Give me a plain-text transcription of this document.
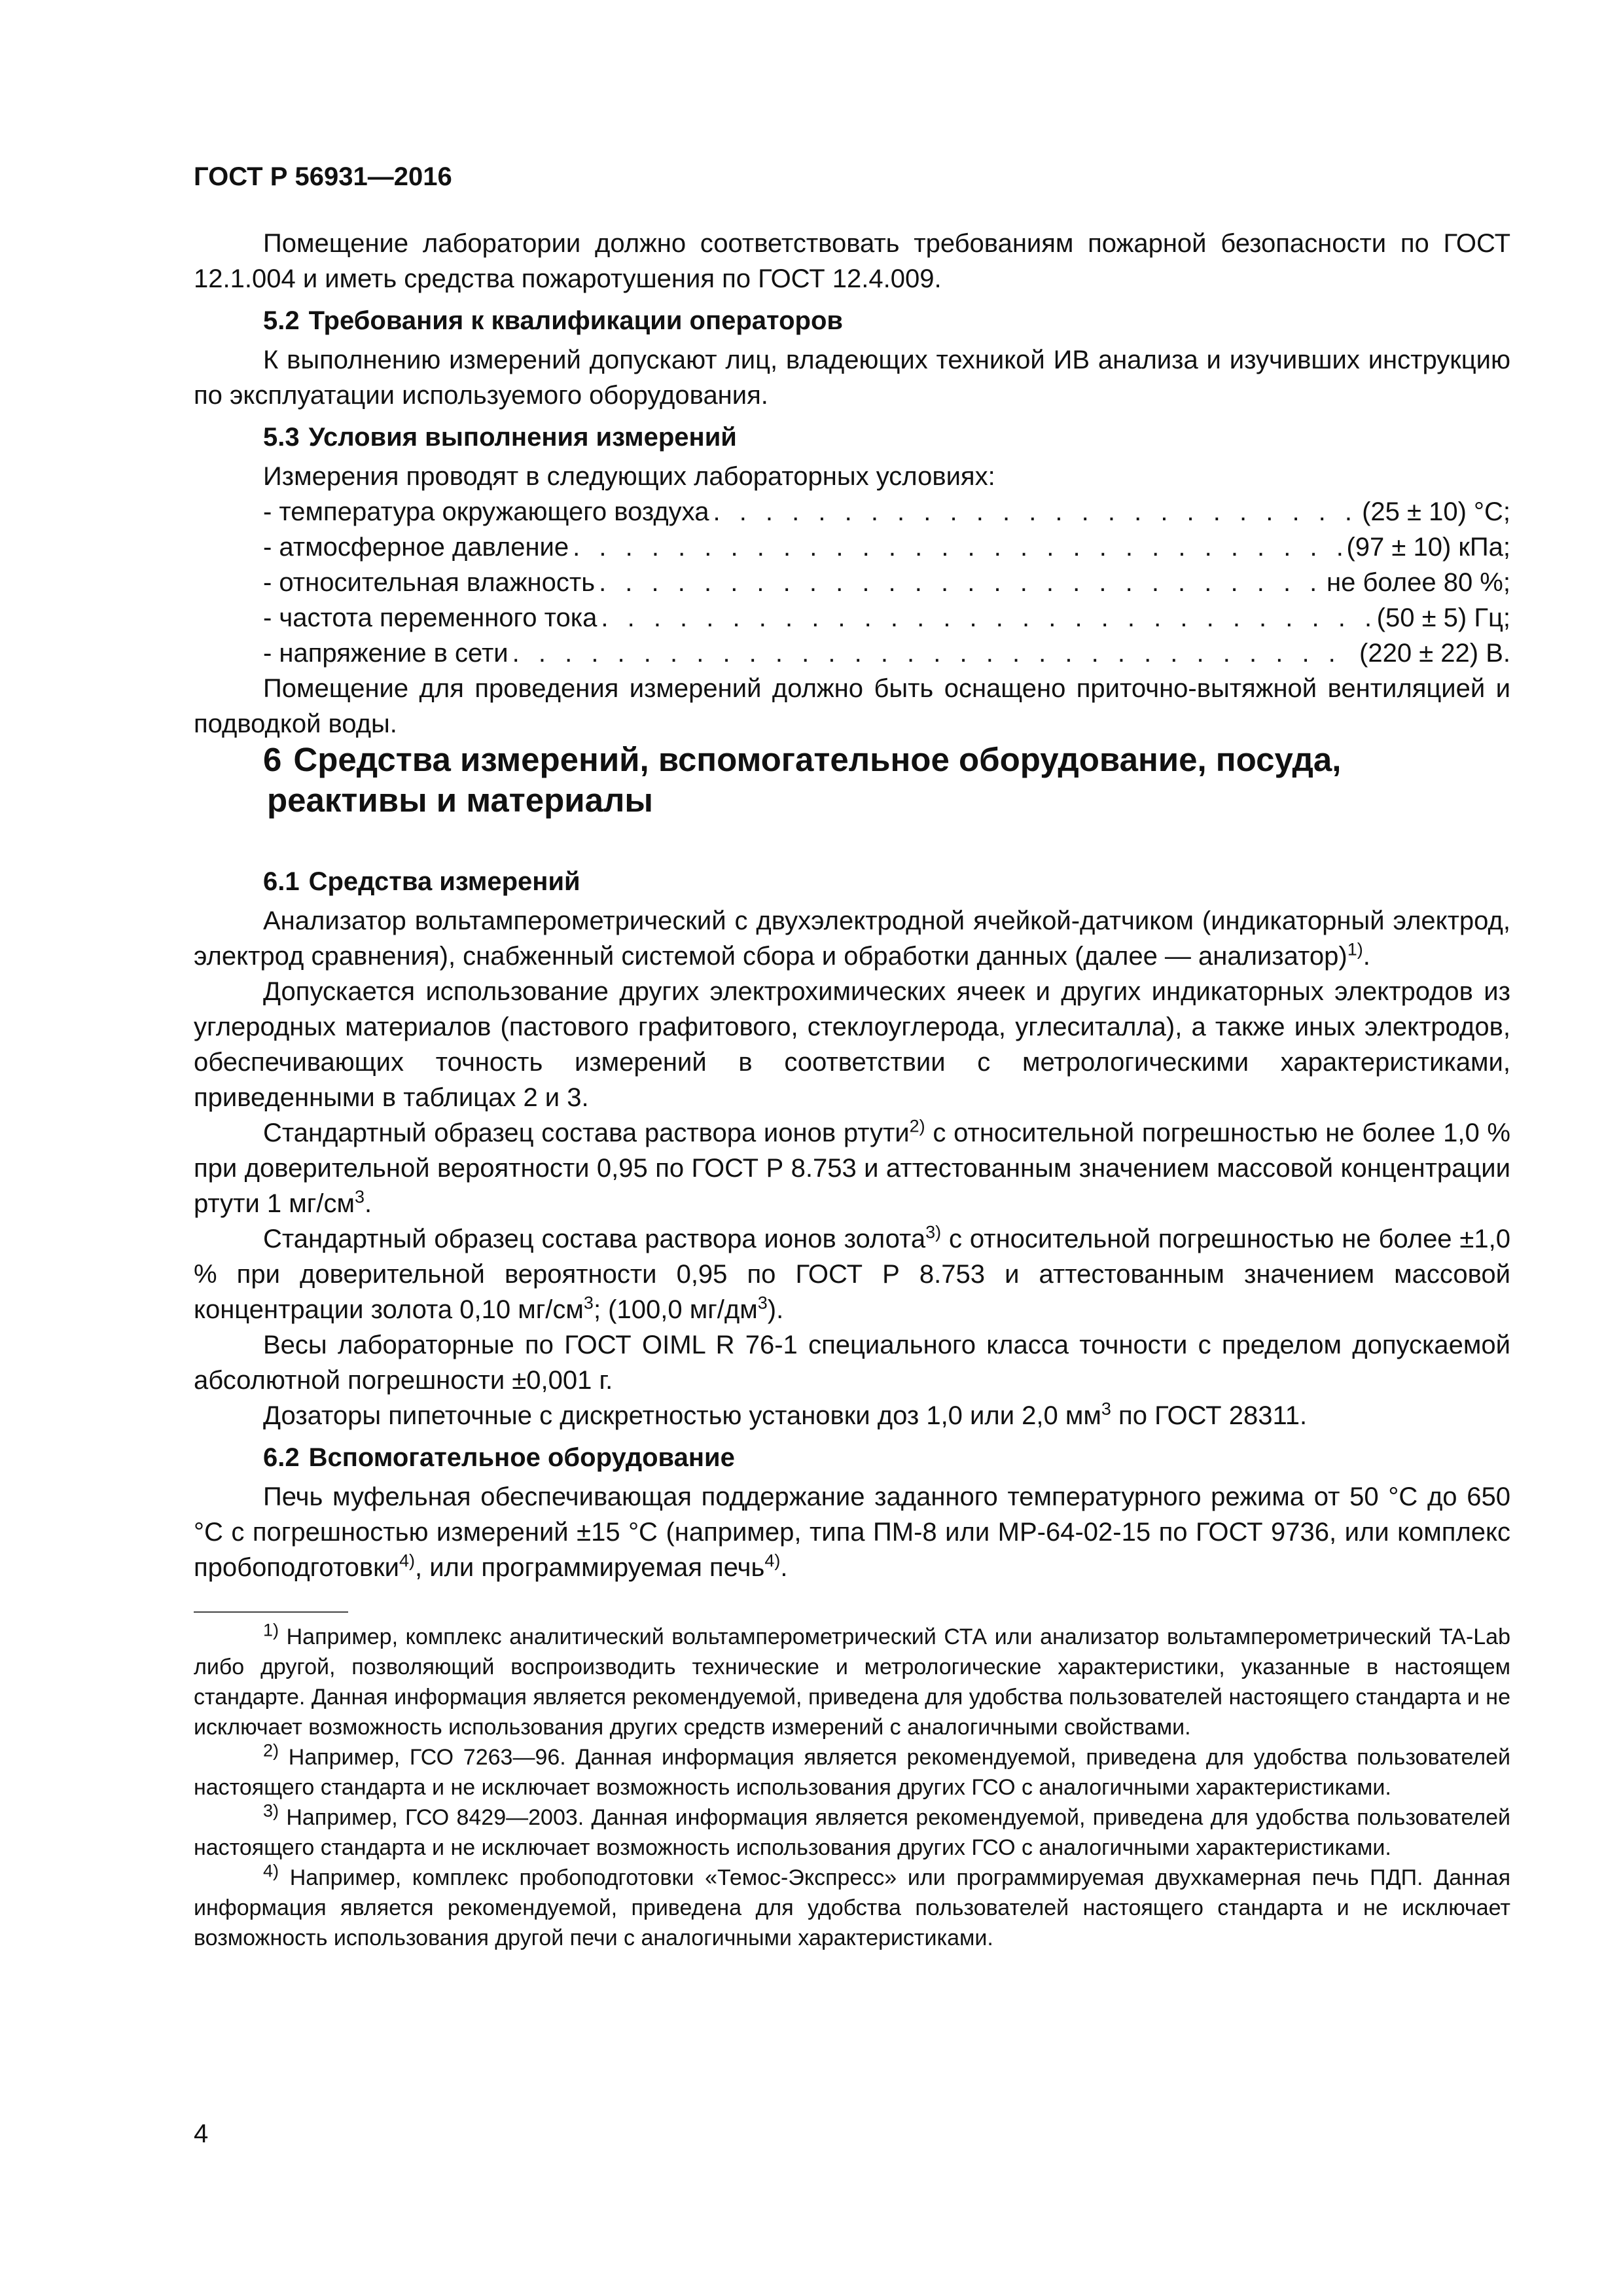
ГОСТ Р 56931—2016

Помещение лаборатории должно соответствовать требованиям пожарной безопасности по ГОСТ 12.1.004 и иметь средства пожаротушения по ГОСТ 12.4.009.

5.2 Требования к квалификации операторов

К выполнению измерений допускают лиц, владеющих техникой ИВ анализа и изучивших инструкцию по эксплуатации используемого оборудования.

5.3 Условия выполнения измерений

Измерения проводят в следующих лабораторных условиях:

- температура окружающего воздуха . . .	(25 ± 10) °С;
- атмосферное давление . . .	(97 ± 10) кПа;
- относительная влажность . . .	не более 80 %;
- частота переменного тока . . .	(50 ± 5) Гц;
- напряжение в сети . . .	(220 ± 22) В.

Помещение для проведения измерений должно быть оснащено приточно-вытяжной вентиляцией и подводкой воды.

6 Средства измерений, вспомогательное оборудование, посуда,
реактивы и материалы

6.1 Средства измерений

Анализатор вольтамперометрический с двухэлектродной ячейкой-датчиком (индикаторный электрод, электрод сравнения), снабженный системой сбора и обработки данных (далее — анализатор)$^{1)}$.

Допускается использование других электрохимических ячеек и других индикаторных электродов из углеродных материалов (пастового графитового, стеклоуглерода, углеситалла), а также иных электродов, обеспечивающих точность измерений в соответствии с метрологическими характеристиками, приведенными в таблицах 2 и 3.

Стандартный образец состава раствора ионов ртути$^{2)}$ с относительной погрешностью не более 1,0 % при доверительной вероятности 0,95 по ГОСТ Р 8.753 и аттестованным значением массовой концентрации ртути 1 $мг/см^3$.

Стандартный образец состава раствора ионов золота$^{3)}$ с относительной погрешностью не более ±1,0 % при доверительной вероятности 0,95 по ГОСТ Р 8.753 и аттестованным значением массовой концентрации золота 0,10 $мг/см^3$; (100,0 $мг/дм^3$).

Весы лабораторные по ГОСТ OIML R 76-1 специального класса точности с пределом допускаемой абсолютной погрешности ±0,001 г.

Дозаторы пипеточные с дискретностью установки доз 1,0 или 2,0 $мм^3$ по ГОСТ 28311.

6.2 Вспомогательное оборудование

Печь муфельная обеспечивающая поддержание заданного температурного режима от 50 °С до 650 °С с погрешностью измерений ±15 °С (например, типа ПМ-8 или МР-64-02-15 по ГОСТ 9736, или комплекс пробоподготовки$^{4)}$, или программируемая печь$^{4)}$.

$^{1)}$ Например, комплекс аналитический вольтамперометрический СТА или анализатор вольтамперометрический TA-Lab либо другой, позволяющий воспроизводить технические и метрологические характеристики, указанные в настоящем стандарте. Данная информация является рекомендуемой, приведена для удобства пользователей настоящего стандарта и не исключает возможность использования других средств измерений с аналогичными свойствами.

$^{2)}$ Например, ГСО 7263—96. Данная информация является рекомендуемой, приведена для удобства пользователей настоящего стандарта и не исключает возможность использования других ГСО с аналогичными характеристиками.

$^{3)}$ Например, ГСО 8429—2003. Данная информация является рекомендуемой, приведена для удобства пользователей настоящего стандарта и не исключает возможность использования других ГСО с аналогичными характеристиками.

$^{4)}$ Например, комплекс пробоподготовки «Темос-Экспресс» или программируемая двухкамерная печь ПДП. Данная информация является рекомендуемой, приведена для удобства пользователей настоящего стандарта и не исключает возможность использования другой печи с аналогичными характеристиками.

4
